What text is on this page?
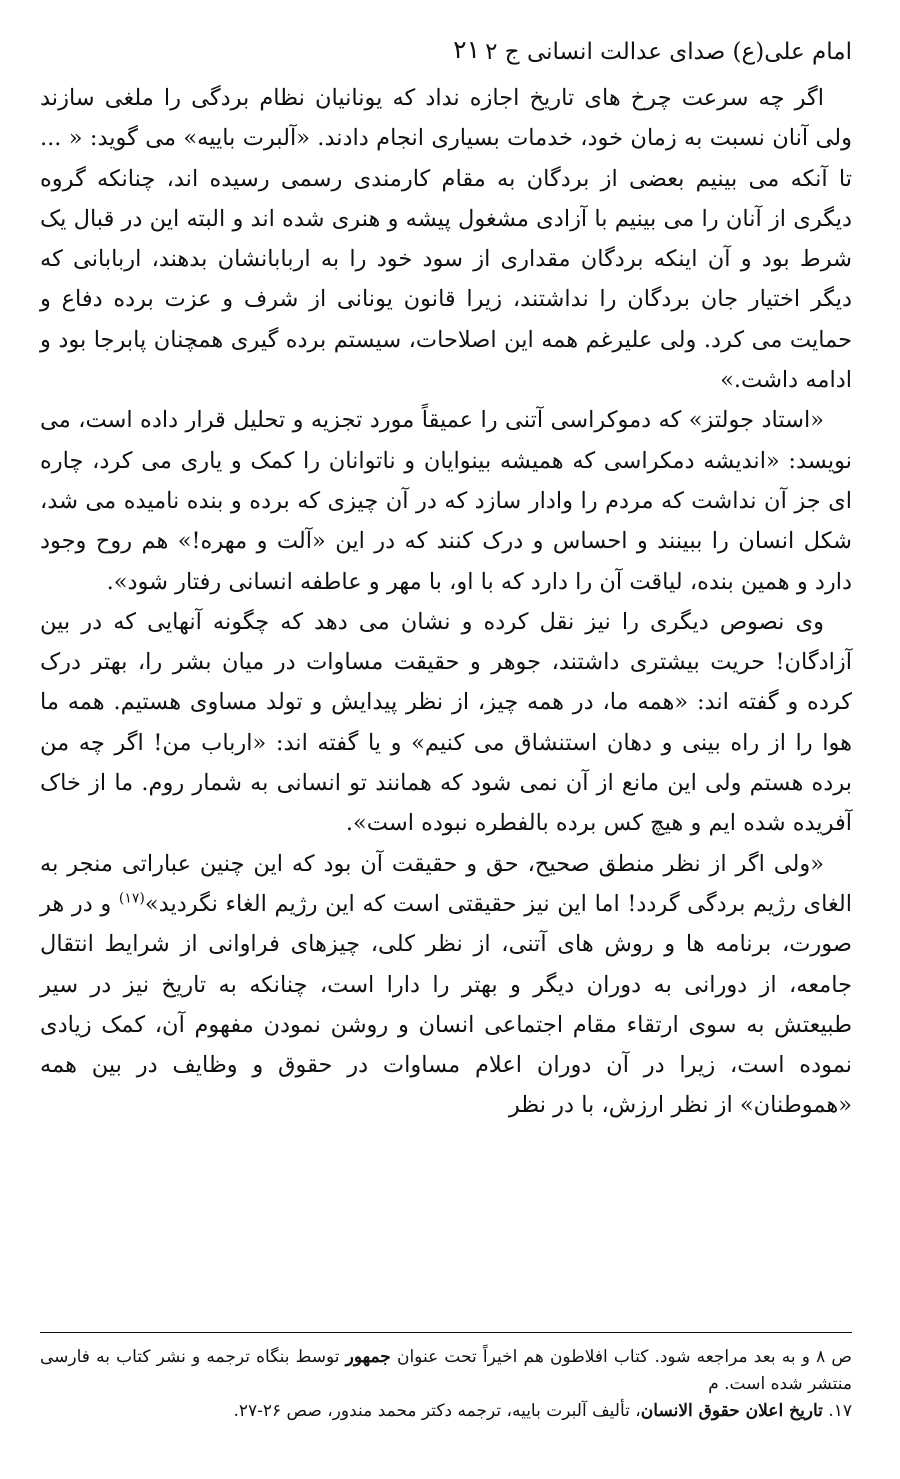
امام علی(ع) صدای عدالت انسانی ج ۲
۲۱

اگر چه سرعت چرخ های تاریخ اجازه نداد که یونانیان نظام بردگی را ملغی سازند ولی آنان نسبت به زمان خود، خدمات بسیاری انجام دادند. «آلبرت باییه» می گوید: « ... تا آنکه می بینیم بعضی از بردگان به مقام کارمندی رسمی رسیده اند، چنانکه گروه دیگری از آنان را می بینیم با آزادی مشغول پیشه و هنری شده اند و البته این در قبال یک شرط بود و آن اینکه بردگان مقداری از سود خود را به اربابانشان بدهند، اربابانی که دیگر اختیار جان بردگان را نداشتند، زیرا قانون یونانی از شرف و عزت برده دفاع و حمایت می کرد. ولی علیرغم همه این اصلاحات، سیستم برده گیری همچنان پابرجا بود و ادامه داشت.»

«استاد جولتز» که دموکراسی آتنی را عمیقاً مورد تجزیه و تحلیل قرار داده است، می نویسد: «اندیشه دمکراسی که همیشه بینوایان و ناتوانان را کمک و یاری می کرد، چاره ای جز آن نداشت که مردم را وادار سازد که در آن چیزی که برده و بنده نامیده می شد، شکل انسان را ببینند و احساس و درک کنند که در این «آلت و مهره!» هم روح وجود دارد و همین بنده، لیاقت آن را دارد که با او، با مهر و عاطفه انسانی رفتار شود».

وی نصوص دیگری را نیز نقل کرده و نشان می دهد که چگونه آنهایی که در بین آزادگان! حریت بیشتری داشتند، جوهر و حقیقت مساوات در میان بشر را، بهتر درک کرده و گفته اند: «همه ما، در همه چیز، از نظر پیدایش و تولد مساوی هستیم. همه ما هوا را از راه بینی و دهان استنشاق می کنیم» و یا گفته اند: «ارباب من! اگر چه من برده هستم ولی این مانع از آن نمی شود که همانند تو انسانی به شمار روم. ما از خاک آفریده شده ایم و هیچ کس برده بالفطره نبوده است».

«ولی اگر از نظر منطق صحیح، حق و حقیقت آن بود که این چنین عباراتی منجر به الغای رژیم بردگی گردد! اما این نیز حقیقتی است که این رژیم الغاء نگردید»$^{(۱۷)}$ و در هر صورت، برنامه ها و روش های آتنی، از نظر کلی، چیزهای فراوانی از شرایط انتقال جامعه، از دورانی به دوران دیگر و بهتر را دارا است، چنانکه به تاریخ نیز در سیر طبیعتش به سوی ارتقاء مقام اجتماعی انسان و روشن نمودن مفهوم آن، کمک زیادی نموده است، زیرا در آن دوران اعلام مساوات در حقوق و وظایف در بین همه «هموطنان» از نظر ارزش، با در نظر

ص ۸ و به بعد مراجعه شود. کتاب افلاطون هم اخیراً تحت عنوان جمهور توسط بنگاه ترجمه و نشر کتاب به فارسی منتشر شده است. م

۱۷. تاریخ اعلان حقوق الانسان، تألیف آلبرت باییه، ترجمه دکتر محمد مندور، صص ۲۶-۲۷.
